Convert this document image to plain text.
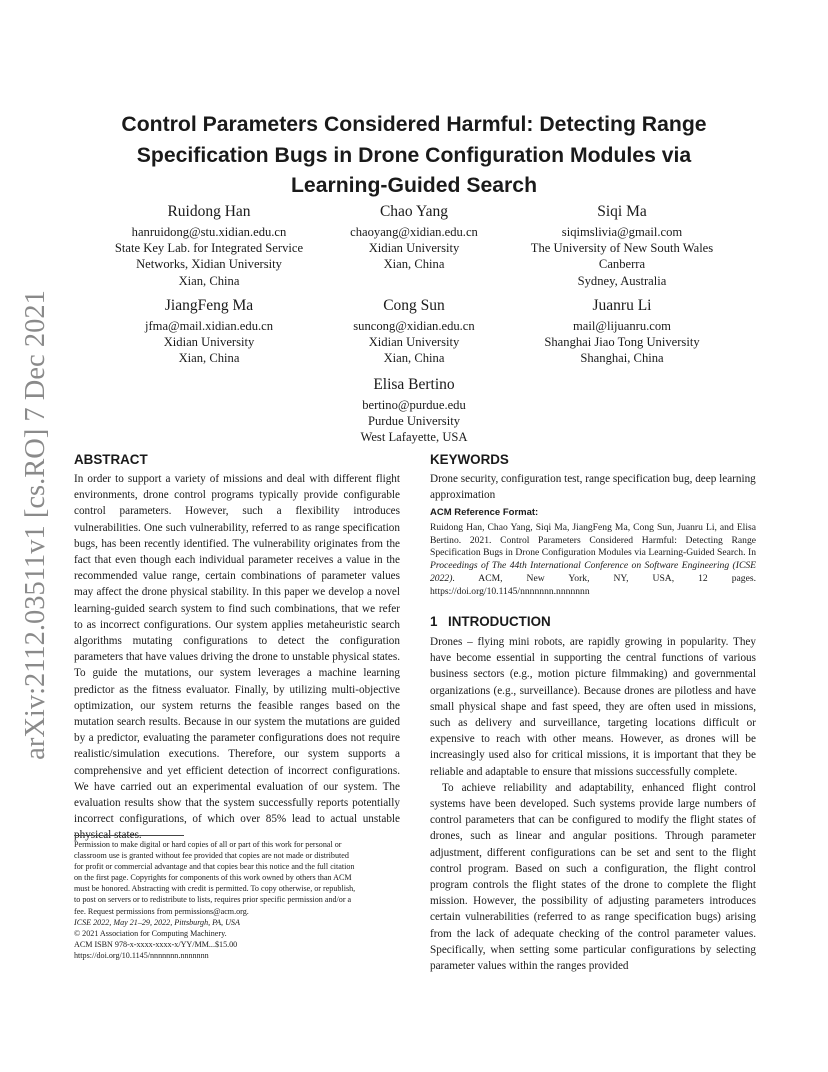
arXiv:2112.03511v1 [cs.RO] 7 Dec 2021
Control Parameters Considered Harmful: Detecting Range
Specification Bugs in Drone Configuration Modules via
Learning-Guided Search
Ruidong Han
hanruidong@stu.xidian.edu.cn
State Key Lab. for Integrated Service
Networks, Xidian University
Xian, China
Chao Yang
chaoyang@xidian.edu.cn
Xidian University
Xian, China
Siqi Ma
siqimslivia@gmail.com
The University of New South Wales
Canberra
Sydney, Australia
JiangFeng Ma
jfma@mail.xidian.edu.cn
Xidian University
Xian, China
Cong Sun
suncong@xidian.edu.cn
Xidian University
Xian, China
Juanru Li
mail@lijuanru.com
Shanghai Jiao Tong University
Shanghai, China
Elisa Bertino
bertino@purdue.edu
Purdue University
West Lafayette, USA
ABSTRACT

In order to support a variety of missions and deal with different flight environments, drone control programs typically provide configurable control parameters. However, such a flexibility introduces vulnerabilities. One such vulnerability, referred to as range specification bugs, has been recently identified. The vulnerability originates from the fact that even though each individual parameter receives a value in the recommended value range, certain combinations of parameter values may affect the drone physical stability. In this paper we develop a novel learning-guided search system to find such combinations, that we refer to as incorrect configurations. Our system applies metaheuristic search algorithms mutating configurations to detect the configuration parameters that have values driving the drone to unstable physical states. To guide the mutations, our system leverages a machine learning predictor as the fitness evaluator. Finally, by utilizing multi-objective optimization, our system returns the feasible ranges based on the mutation search results. Because in our system the mutations are guided by a predictor, evaluating the parameter configurations does not require realistic/simulation executions. Therefore, our system supports a comprehensive and yet efficient detection of incorrect configurations. We have carried out an experimental evaluation of our system. The evaluation results show that the system successfully reports potentially incorrect configurations, of which over 85% lead to actual unstable physical states.

Permission to make digital or hard copies of all or part of this work for personal or
classroom use is granted without fee provided that copies are not made or distributed
for profit or commercial advantage and that copies bear this notice and the full citation
on the first page. Copyrights for components of this work owned by others than ACM
must be honored. Abstracting with credit is permitted. To copy otherwise, or republish,
to post on servers or to redistribute to lists, requires prior specific permission and/or a
fee. Request permissions from permissions@acm.org.
ICSE 2022, May 21–29, 2022, Pittsburgh, PA, USA
© 2021 Association for Computing Machinery.
ACM ISBN 978-x-xxxx-xxxx-x/YY/MM...$15.00
https://doi.org/10.1145/nnnnnnn.nnnnnnn
KEYWORDS

Drone security, configuration test, range specification bug, deep learning approximation

ACM Reference Format:

Ruidong Han, Chao Yang, Siqi Ma, JiangFeng Ma, Cong Sun, Juanru Li, and Elisa Bertino. 2021. Control Parameters Considered Harmful: Detecting Range Specification Bugs in Drone Configuration Modules via Learning-Guided Search. In Proceedings of The 44th International Conference on Software Engineering (ICSE 2022). ACM, New York, NY, USA, 12 pages. https://doi.org/10.1145/nnnnnnn.nnnnnnn

1 INTRODUCTION

Drones – flying mini robots, are rapidly growing in popularity. They have become essential in supporting the central functions of various business sectors (e.g., motion picture filmmaking) and governmental organizations (e.g., surveillance). Because drones are pilotless and have small physical shape and fast speed, they are often used in missions, such as delivery and surveillance, targeting locations difficult or expensive to reach with other means. However, as drones will be increasingly used also for critical missions, it is important that they be reliable and adaptable to ensure that missions successfully complete.

To achieve reliability and adaptability, enhanced flight control systems have been developed. Such systems provide large numbers of control parameters that can be configured to modify the flight states of drones, such as linear and angular positions. Through parameter adjustment, different configurations can be set and sent to the flight control program. Based on such a configuration, the flight control program controls the flight states of the drone to complete the flight mission. However, the possibility of adjusting parameters introduces certain vulnerabilities (referred to as range specification bugs) arising from the lack of adequate checking of the control parameter values. Specifically, when setting some particular configurations by selecting parameter values within the ranges provided
